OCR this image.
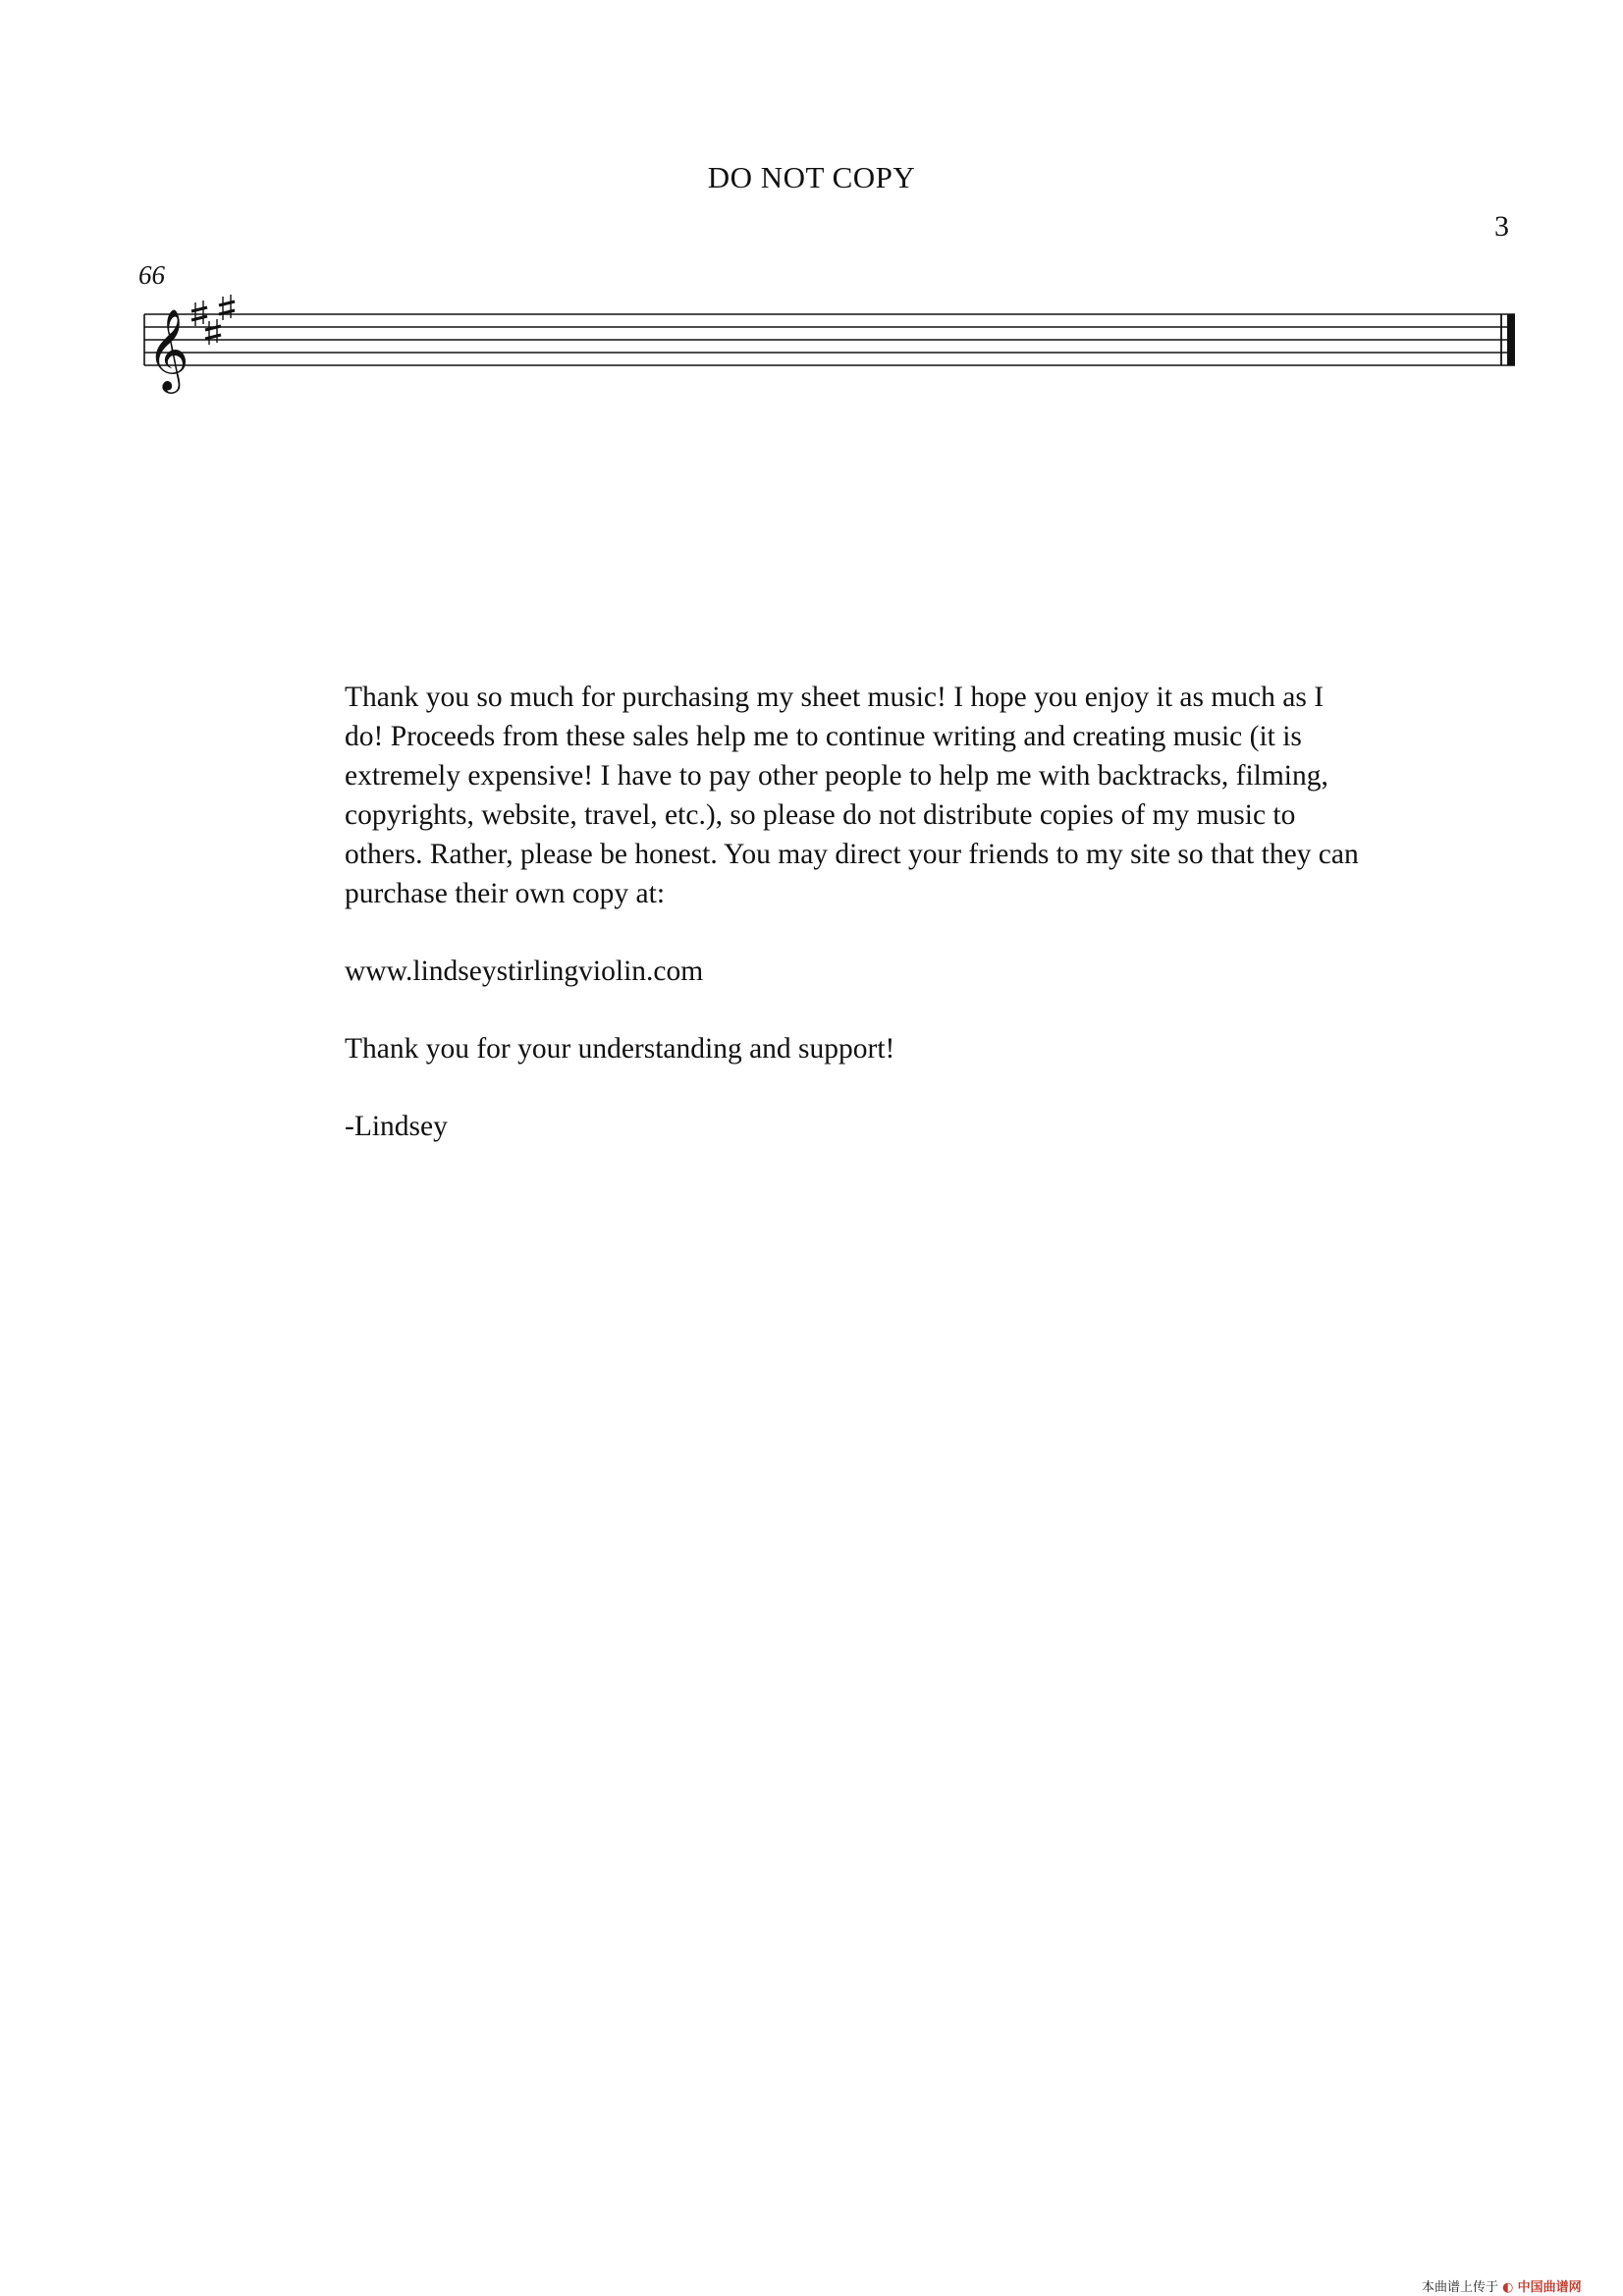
DO NOT COPY
3
66
𝄞

Thank you so much for purchasing my sheet music! I hope you enjoy it as much as I do! Proceeds from these sales help me to continue writing and creating music (it is extremely expensive! I have to pay other people to help me with backtracks, filming, copyrights, website, travel, etc.), so please do not distribute copies of my music to others. Rather, please be honest. You may direct your friends to my site so that they can purchase their own copy at:

www.lindseystirlingviolin.com

Thank you for your understanding and support!

-Lindsey

本曲谱上传于 ◐ 中国曲谱网
